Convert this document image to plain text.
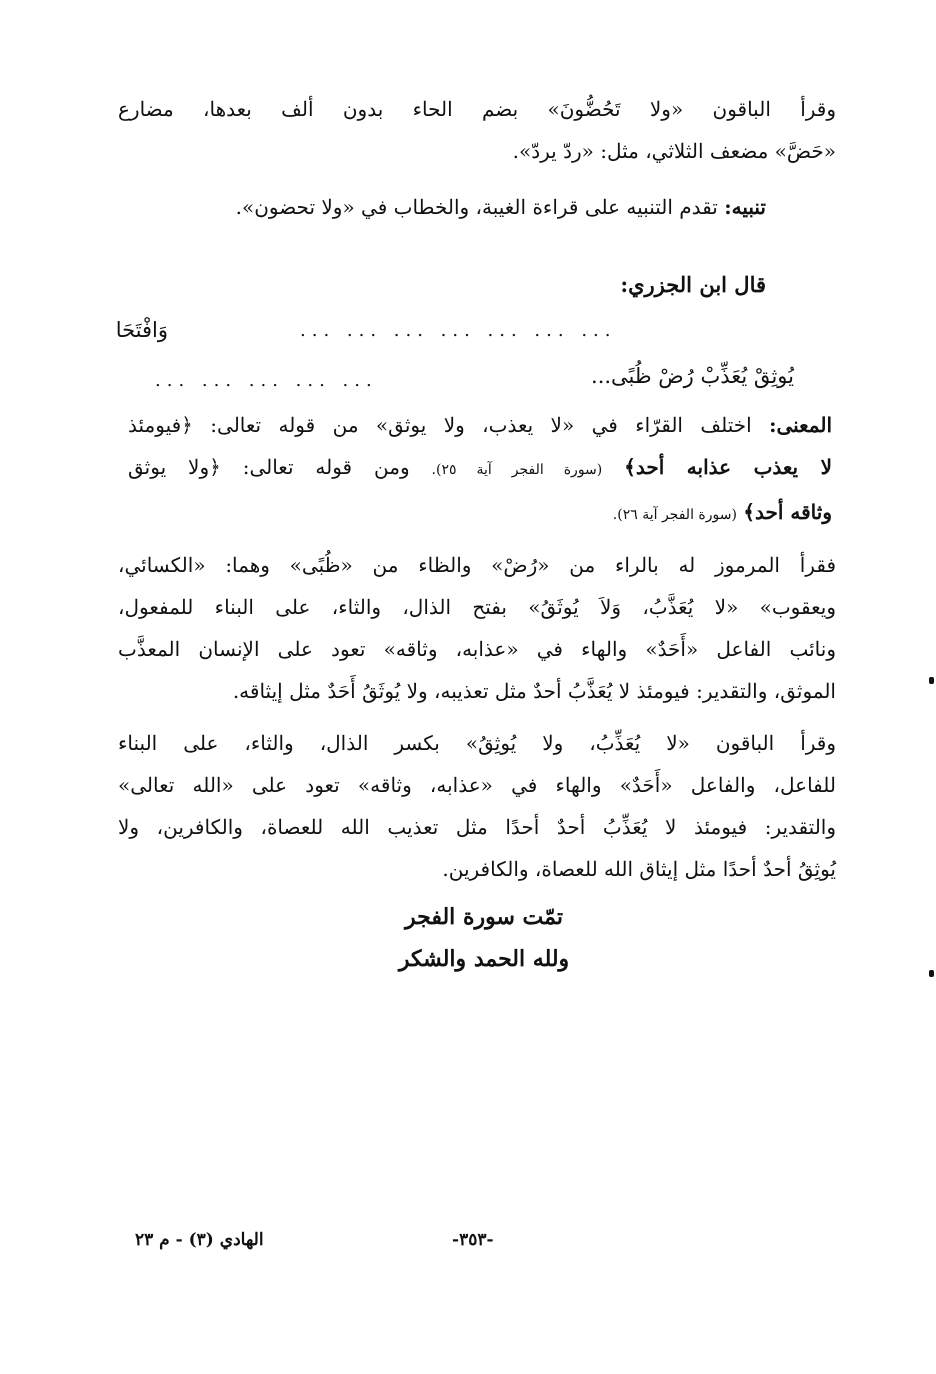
وقرأ الباقون «ولا تَحُضُّونَ» بضم الحاء بدون ألف بعدها، مضارع
«حَضَّ» مضعف الثلاثي، مثل: «ردّ يردّ».
تنبيه: تقدم التنبيه على قراءة الغيبة، والخطاب في «ولا تحضون».
قال ابن الجزري:
... ... ... ... ... ... ...
وَافْتَحَا
يُوثِقْ يُعَذِّبْ رُضْ ظُبًى...
... ... ... ... ...
المعنى: اختلف القرّاء في «لا يعذب، ولا يوثق» من قوله تعالى: ﴿فيومئذ
لا يعذب عذابه أحد﴾ (سورة الفجر آية ٢٥). ومن قوله تعالى: ﴿ولا يوثق
وثاقه أحد﴾ (سورة الفجر آية ٢٦).
فقرأ المرموز له بالراء من «رُضْ» والظاء من «ظُبًى» وهما: «الكسائي،
ويعقوب» «لا يُعَذَّبُ، وَلاَ يُوثَقُ» بفتح الذال، والثاء، على البناء للمفعول،
ونائب الفاعل «أَحَدٌ» والهاء في «عذابه، وثاقه» تعود على الإنسان المعذَّب
الموثق، والتقدير: فيومئذ لا يُعَذَّبُ أحدٌ مثل تعذيبه، ولا يُوثَقُ أَحَدٌ مثل إيثاقه.
وقرأ الباقون «لا يُعَذِّبُ، ولا يُوثِقُ» بكسر الذال، والثاء، على البناء
للفاعل، والفاعل «أَحَدٌ» والهاء في «عذابه، وثاقه» تعود على «الله تعالى»
والتقدير: فيومئذ لا يُعَذِّبُ أحدٌ أحدًا مثل تعذيب الله للعصاة، والكافرين، ولا
يُوثِقُ أحدٌ أحدًا مثل إيثاق الله للعصاة، والكافرين.
تمّت سورة الفجر
ولله الحمد والشكر
-٣٥٣-
الهادي (٣) - م ٢٣
